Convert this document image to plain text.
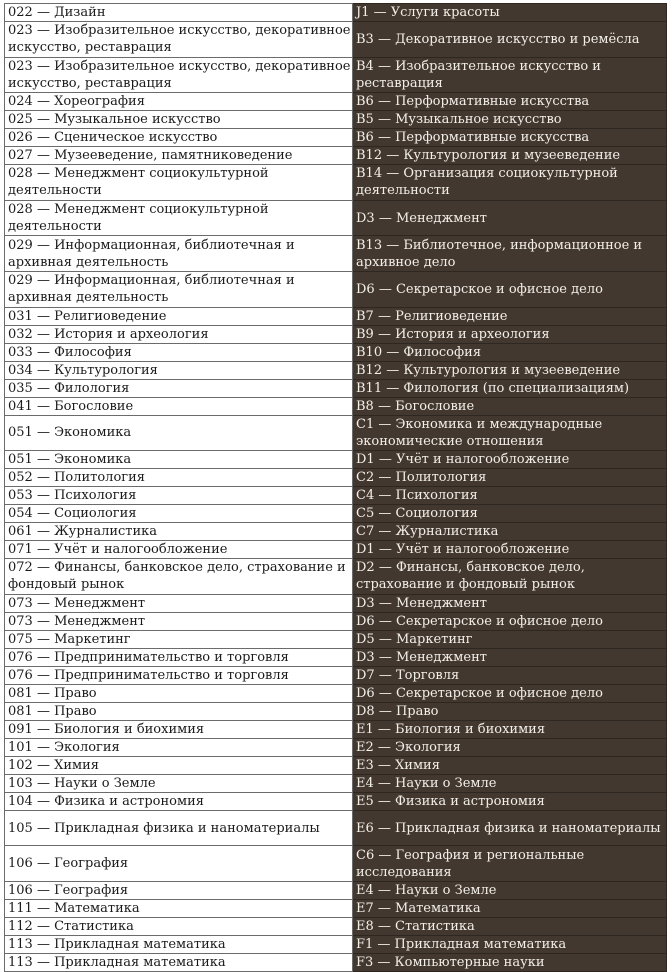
022 — Дизайн	J1 — Услуги красоты
023 — Изобразительное искусство, декоративное искусство, реставрация	B3 — Декоративное искусство и ремёсла
023 — Изобразительное искусство, декоративное искусство, реставрация	B4 — Изобразительное искусство и реставрация
024 — Хореография	B6 — Перформативные искусства
025 — Музыкальное искусство	B5 — Музыкальное искусство
026 — Сценическое искусство	B6 — Перформативные искусства
027 — Музееведение, памятниковедение	B12 — Культурология и музееведение
028 — Менеджмент социокультурной деятельности	B14 — Организация социокультурной деятельности
028 — Менеджмент социокультурной деятельности	D3 — Менеджмент
029 — Информационная, библиотечная и архивная деятельность	B13 — Библиотечное, информационное и архивное дело
029 — Информационная, библиотечная и архивная деятельность	D6 — Секретарское и офисное дело
031 — Религиоведение	B7 — Религиоведение
032 — История и археология	B9 — История и археология
033 — Философия	B10 — Философия
034 — Культурология	B12 — Культурология и музееведение
035 — Филология	B11 — Филология (по специализациям)
041 — Богословие	B8 — Богословие
051 — Экономика	C1 — Экономика и международные экономические отношения
051 — Экономика	D1 — Учёт и налогообложение
052 — Политология	C2 — Политология
053 — Психология	C4 — Психология
054 — Социология	C5 — Социология
061 — Журналистика	C7 — Журналистика
071 — Учёт и налогообложение	D1 — Учёт и налогообложение
072 — Финансы, банковское дело, страхование и фондовый рынок	D2 — Финансы, банковское дело, страхование и фондовый рынок
073 — Менеджмент	D3 — Менеджмент
073 — Менеджмент	D6 — Секретарское и офисное дело
075 — Маркетинг	D5 — Маркетинг
076 — Предпринимательство и торговля	D3 — Менеджмент
076 — Предпринимательство и торговля	D7 — Торговля
081 — Право	D6 — Секретарское и офисное дело
081 — Право	D8 — Право
091 — Биология и биохимия	E1 — Биология и биохимия
101 — Экология	E2 — Экология
102 — Химия	E3 — Химия
103 — Науки о Земле	E4 — Науки о Земле
104 — Физика и астрономия	E5 — Физика и астрономия
105 — Прикладная физика и наноматериалы	E6 — Прикладная физика и наноматериалы
106 — География	C6 — География и региональные исследования
106 — География	E4 — Науки о Земле
111 — Математика	E7 — Математика
112 — Статистика	E8 — Статистика
113 — Прикладная математика	F1 — Прикладная математика
113 — Прикладная математика	F3 — Компьютерные науки
